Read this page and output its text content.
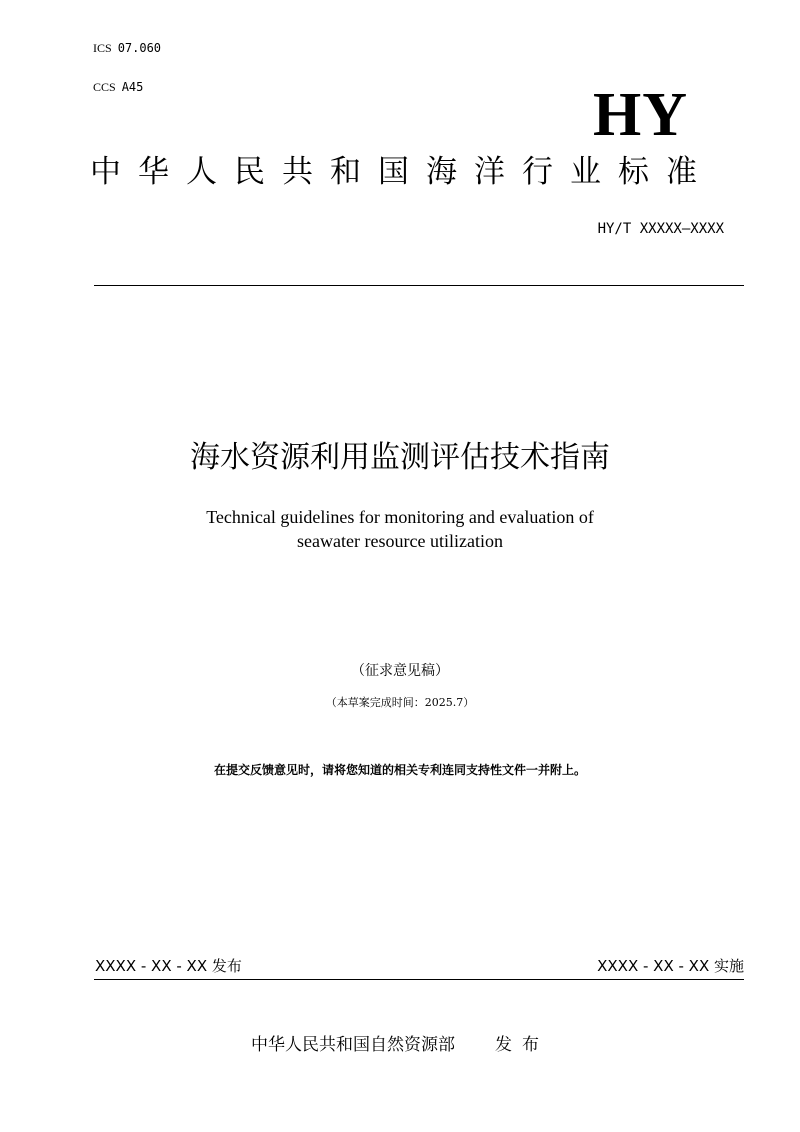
ICS 07.060
CCS A45	HY
中华人民共和国海洋行业标准
HY/T XXXXX—XXXX
海水资源利用监测评估技术指南
Technical guidelines for monitoring and evaluation of
seawater resource utilization
（征求意见稿）
（本草案完成时间：2025.7）
在提交反馈意见时，请将您知道的相关专利连同支持性文件一并附上。
XXXX - XX - XX 发布	XXXX - XX - XX 实施
中华人民共和国自然资源部 发布
